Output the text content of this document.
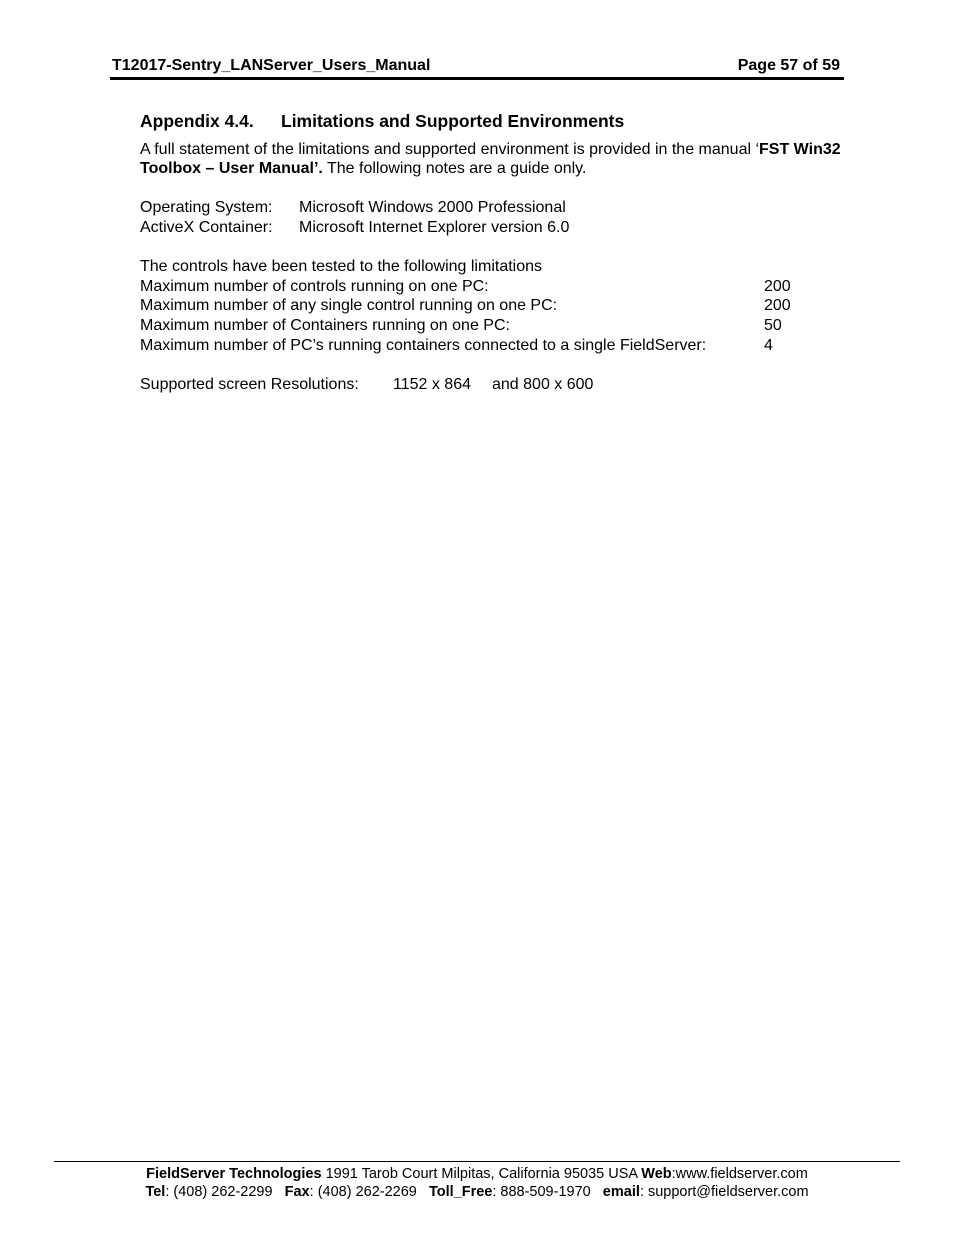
T12017-Sentry_LANServer_Users_Manual	Page 57 of 59
Appendix 4.4. Limitations and Supported Environments

A full statement of the limitations and supported environment is provided in the manual ‘FST Win32 Toolbox – User Manual’. The following notes are a guide only.

Operating System: Microsoft Windows 2000 Professional
ActiveX Container: Microsoft Internet Explorer version 6.0
The controls have been tested to the following limitations
Maximum number of controls running on one PC:	200
Maximum number of any single control running on one PC:	200
Maximum number of Containers running on one PC:	50
Maximum number of PC’s running containers connected to a single FieldServer:	4
Supported screen Resolutions: 1152 x 864 and 800 x 600
FieldServer Technologies 1991 Tarob Court Milpitas, California 95035 USA Web:www.fieldserver.com
Tel: (408) 262-2299   Fax: (408) 262-2269   Toll_Free: 888-509-1970   email: support@fieldserver.com
